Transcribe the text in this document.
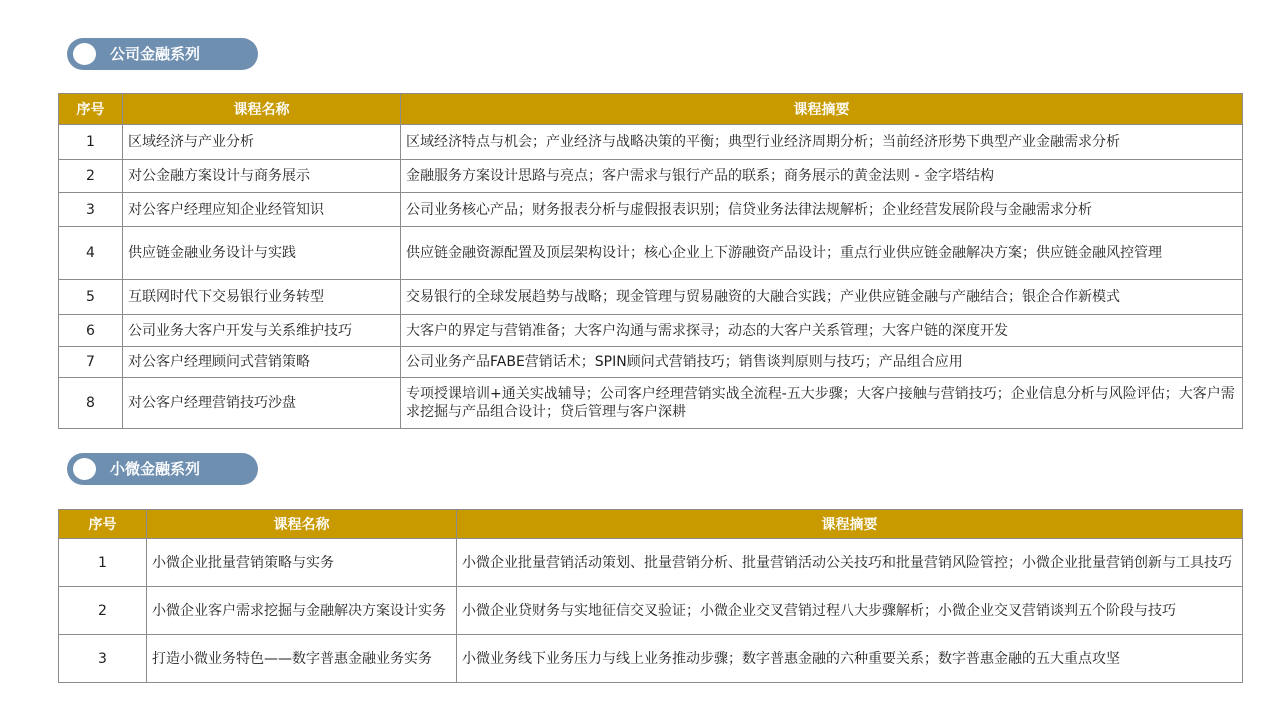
公司金融系列
序号	课程名称	课程摘要
1	区域经济与产业分析	区域经济特点与机会；产业经济与战略决策的平衡；典型行业经济周期分析；当前经济形势下典型产业金融需求分析
2	对公金融方案设计与商务展示	金融服务方案设计思路与亮点；客户需求与银行产品的联系；商务展示的黄金法则 - 金字塔结构
3	对公客户经理应知企业经管知识	公司业务核心产品；财务报表分析与虚假报表识别；信贷业务法律法规解析；企业经营发展阶段与金融需求分析
4	供应链金融业务设计与实践	供应链金融资源配置及顶层架构设计；核心企业上下游融资产品设计；重点行业供应链金融解决方案；供应链金融风控管理
5	互联网时代下交易银行业务转型	交易银行的全球发展趋势与战略；现金管理与贸易融资的大融合实践；产业供应链金融与产融结合；银企合作新模式
6	公司业务大客户开发与关系维护技巧	大客户的界定与营销准备；大客户沟通与需求探寻；动态的大客户关系管理；大客户链的深度开发
7	对公客户经理顾问式营销策略	公司业务产品FABE营销话术；SPIN顾问式营销技巧；销售谈判原则与技巧；产品组合应用
8	对公客户经理营销技巧沙盘	专项授课培训+通关实战辅导；公司客户经理营销实战全流程-五大步骤；大客户接触与营销技巧；企业信息分析与风险评估；大客户需求挖掘与产品组合设计；贷后管理与客户深耕
小微金融系列
序号	课程名称	课程摘要
1	小微企业批量营销策略与实务	小微企业批量营销活动策划、批量营销分析、批量营销活动公关技巧和批量营销风险管控；小微企业批量营销创新与工具技巧
2	小微企业客户需求挖掘与金融解决方案设计实务	小微企业贷财务与实地征信交叉验证；小微企业交叉营销过程八大步骤解析；小微企业交叉营销谈判五个阶段与技巧
3	打造小微业务特色——数字普惠金融业务实务	小微业务线下业务压力与线上业务推动步骤；数字普惠金融的六种重要关系；数字普惠金融的五大重点攻坚
